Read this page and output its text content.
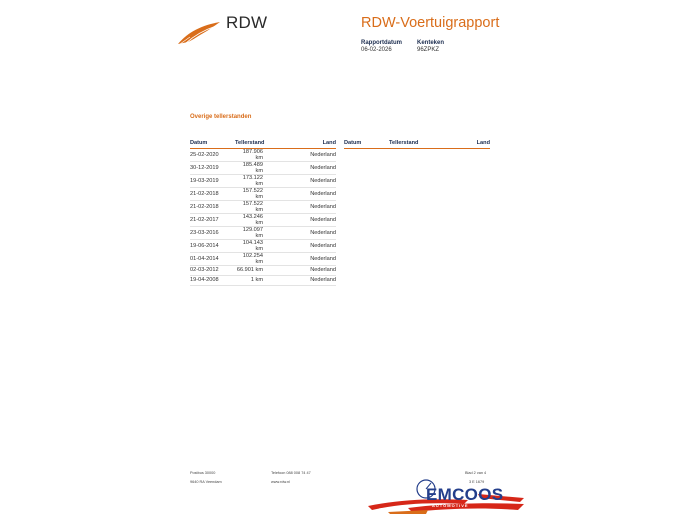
RDW	RDW-Voertuigrapport
Rapportdatum
06-02-2026
Kenteken
96ZPKZ
Overige tellerstanden
Datum	Tellerstand	Land
25-02-2020	187.906 km	Nederland
30-12-2019	185.489 km	Nederland
19-03-2019	173.122 km	Nederland
21-02-2018	157.522 km	Nederland
21-02-2018	157.522 km	Nederland
21-02-2017	143.246 km	Nederland
23-03-2016	129.097 km	Nederland
19-06-2014	104.143 km	Nederland
01-04-2014	102.254 km	Nederland
02-03-2012	66.901 km	Nederland
19-04-2008	1 km	Nederland
Datum	Tellerstand	Land
Postbus 30000
9640 RA Veendam
Telefoon 088 008 74 47
www.rdw.nl
Blad 2 van 4
3 E 1679
EMCOOS
AUTOMOTIVE
